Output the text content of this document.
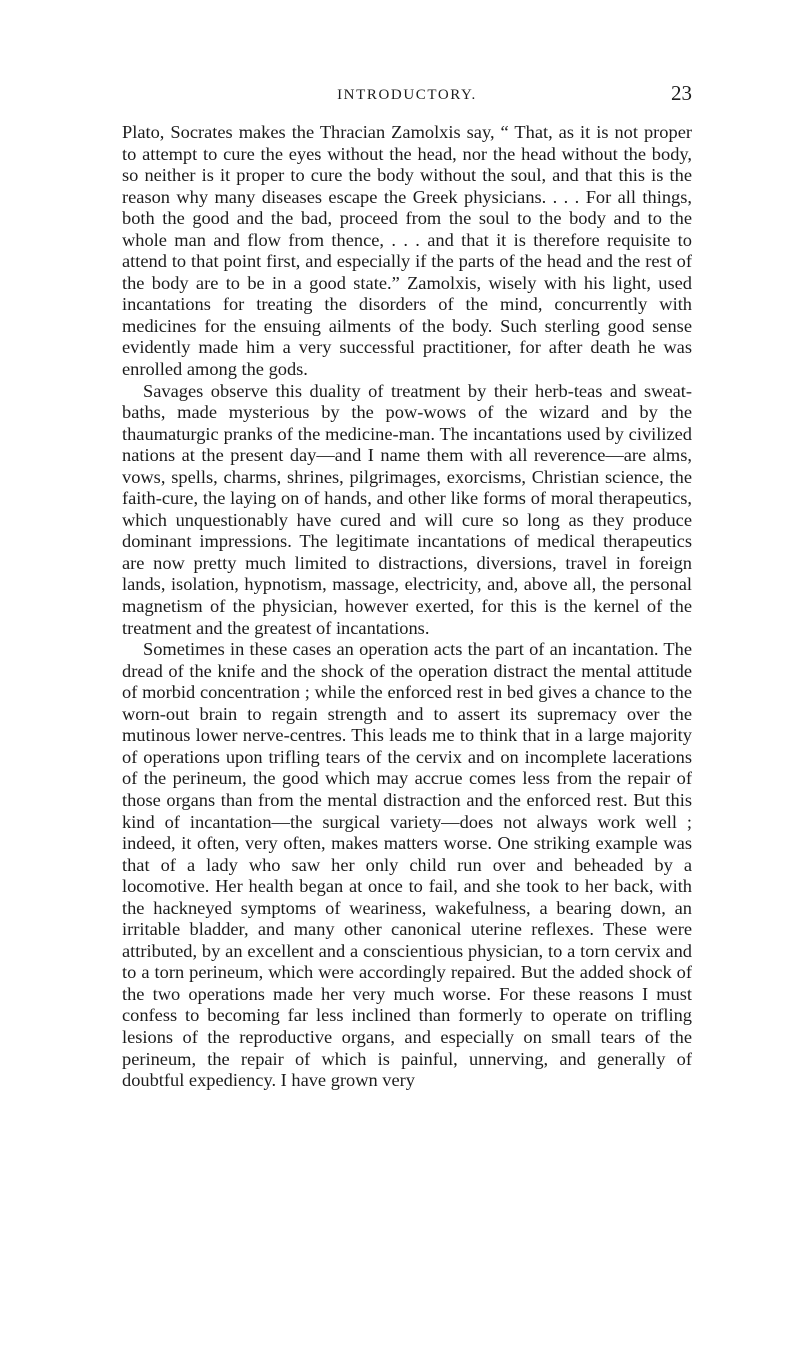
INTRODUCTORY.	23

Plato, Socrates makes the Thracian Zamolxis say, “ That, as it is not proper to attempt to cure the eyes without the head, nor the head without the body, so neither is it proper to cure the body without the soul, and that this is the reason why many diseases escape the Greek physicians. . . . For all things, both the good and the bad, proceed from the soul to the body and to the whole man and flow from thence, . . . and that it is therefore requisite to attend to that point first, and especially if the parts of the head and the rest of the body are to be in a good state.” Zamolxis, wisely with his light, used incantations for treating the disorders of the mind, concurrently with medicines for the ensuing ailments of the body. Such sterling good sense evidently made him a very successful practitioner, for after death he was enrolled among the gods.

Savages observe this duality of treatment by their herb-teas and sweat-baths, made mysterious by the pow-wows of the wizard and by the thaumaturgic pranks of the medicine-man. The incantations used by civilized nations at the present day—and I name them with all reverence—are alms, vows, spells, charms, shrines, pilgrimages, exorcisms, Christian science, the faith-cure, the laying on of hands, and other like forms of moral therapeutics, which unquestionably have cured and will cure so long as they produce dominant impressions. The legitimate incantations of medical therapeutics are now pretty much limited to distractions, diversions, travel in foreign lands, isolation, hypnotism, massage, electricity, and, above all, the personal magnetism of the physician, however exerted, for this is the kernel of the treatment and the greatest of incantations.

Sometimes in these cases an operation acts the part of an incantation. The dread of the knife and the shock of the operation distract the mental attitude of morbid concentration ; while the enforced rest in bed gives a chance to the worn-out brain to regain strength and to assert its supremacy over the mutinous lower nerve-centres. This leads me to think that in a large majority of operations upon trifling tears of the cervix and on incomplete lacerations of the perineum, the good which may accrue comes less from the repair of those organs than from the mental distraction and the enforced rest. But this kind of incantation—the surgical variety—does not always work well ; indeed, it often, very often, makes matters worse. One striking example was that of a lady who saw her only child run over and beheaded by a locomotive. Her health began at once to fail, and she took to her back, with the hackneyed symptoms of weariness, wakefulness, a bearing down, an irritable bladder, and many other canonical uterine reflexes. These were attributed, by an excellent and a conscientious physician, to a torn cervix and to a torn perineum, which were accordingly repaired. But the added shock of the two operations made her very much worse. For these reasons I must confess to becoming far less inclined than formerly to operate on trifling lesions of the reproductive organs, and especially on small tears of the perineum, the repair of which is painful, unnerving, and generally of doubtful expediency. I have grown very
